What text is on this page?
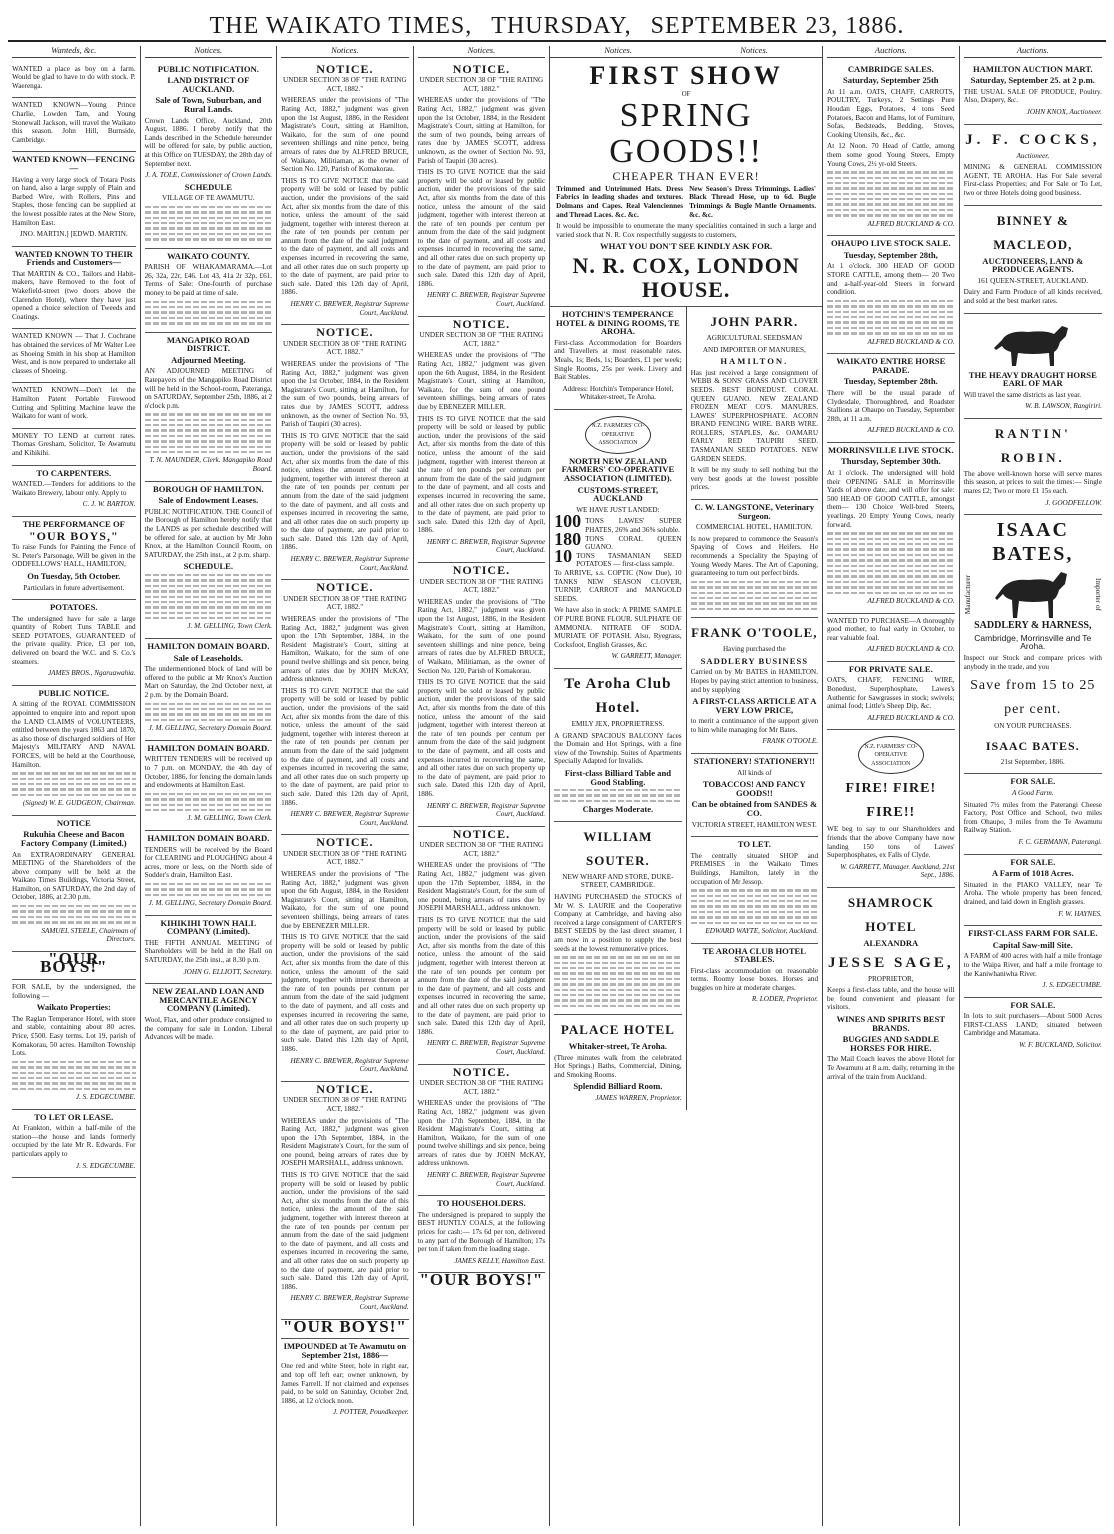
THE WAIKATO TIMES, THURSDAY, SEPTEMBER 23, 1886.
Wanteds, &c.

WANTED a place as boy on a farm. Would be glad to have to do with stock. P. Waerenga.

WANTED KNOWN—Young Prince Charlie, Lowden Tam, and Young Stonewall Jackson, will travel the Waikato this season. John Hill, Burnside, Cambridge.

WANTED KNOWN—FENCING—

Having a very large stock of Totara Posts on hand, also a large supply of Plain and Barbed Wire, with Rollers, Pins and Staples, those fencing can be supplied at the lowest possible rates at the New Store, Hamilton East.

JNO. MARTIN.] [EDWD. MARTIN.

WANTED KNOWN TO THEIR Friends and Customers—

That MARTIN & CO., Tailors and Habit-makers, have Removed to the foot of Wakefield-street (two doors above the Clarendon Hotel), where they have just opened a choice selection of Tweeds and Coatings.

WANTED KNOWN — That J. Cochrane has obtained the services of Mr Walter Lee as Shoeing Smith in his shop at Hamilton West, and is now prepared to undertake all classes of Shoeing.

WANTED KNOWN—Don't let the Hamilton Patent Portable Firewood Cutting and Splitting Machine leave the Waikato for want of work.

MONEY TO LEND at current rates. Thomas Gresham, Solicitor, Te Awamutu and Kihikihi.

TO CARPENTERS.

WANTED.—Tenders for additions to the Waikato Brewery, labour only. Apply to

C. J. W. BARTON.

THE PERFORMANCE OF

"OUR BOYS,"

To raise Funds for Painting the Fence of St. Peter's Parsonage, Will be given in the ODDFELLOWS' HALL, HAMILTON,

On Tuesday, 5th October.

Particulars in future advertisement.

POTATOES.

The undersigned have for sale a large quantity of Robert Tuns TABLE and SEED POTATOES, GUARANTEED of the private quality. Price, £3 per ton, delivered on board the W.C. and S. Co.'s steamers.

JAMES BROS., Ngaruawahia.

PUBLIC NOTICE.

A sitting of the ROYAL COMMISSION appointed to enquire into and report upon the LAND CLAIMS of VOLUNTEERS, entitled between the years 1863 and 1870, as also those of discharged soldiers of Her Majesty's MILITARY AND NAVAL FORCES, will be held at the Courthouse, Hamilton.

(Signed) W. E. GUDGEON, Chairman.

NOTICE

Rukuhia Cheese and Bacon Factory Company (Limited.)

An EXTRAORDINARY GENERAL MEETING of the Shareholders of the above company will be held at the Waikato Times Buildings, Victoria Street, Hamilton, on SATURDAY, the 2nd day of October, 1886, at 2.30 p.m.

SAMUEL STEELE, Chairman of Directors.

"OUR BOYS!"

FOR SALE, by the undersigned, the following —

Waikato Properties:

The Raglan Temperance Hotel, with store and stable, containing about 80 acres. Price, £500. Easy terms. Lot 19, parish of Komakorau, 50 acres. Hamilton Township Lots.

J. S. EDGECUMBE.

TO LET OR LEASE.

At Frankton, within a half-mile of the station—the house and lands formerly occupied by the late Mr R. Edwards. For particulars apply to

J. S. EDGECUMBE.

Notices.

PUBLIC NOTIFICATION.

LAND DISTRICT OF AUCKLAND.

Sale of Town, Suburban, and Rural Lands.

Crown Lands Office, Auckland, 20th August, 1886. I hereby notify that the Lands described in the Schedule hereunder will be offered for sale, by public auction, at this Office on TUESDAY, the 28th day of September next.

J. A. TOLE, Commissioner of Crown Lands.

SCHEDULE

VILLAGE OF TE AWAMUTU.

WAIKATO COUNTY.

PARISH OF WHAKAMARAMA.—Lot 26, 32a, 22r, £46. Lot 43, 41a 2r 32p, £61. Terms of Sale: One-fourth of purchase money to be paid at time of sale.

MANGAPIKO ROAD DISTRICT.

Adjourned Meeting.

AN ADJOURNED MEETING of Ratepayers of the Mangapiko Road District will be held in the School-room, Pateranga, on SATURDAY, September 25th, 1886, at 2 o'clock p.m.

T. N. MAUNDER, Clerk. Mangapiko Road Board.

BOROUGH OF HAMILTON.

Sale of Endowment Leases.

PUBLIC NOTIFICATION. THE Council of the Borough of Hamilton hereby notify that the LANDS as per schedule described will be offered for sale, at auction by Mr John Knox, at the Hamilton Council Room, on SATURDAY, the 25th inst., at 2 p.m. sharp.

SCHEDULE.

J. M. GELLING, Town Clerk.

HAMILTON DOMAIN BOARD.

Sale of Leaseholds.

The undermentioned block of land will be offered to the public at Mr Knox's Auction Mart on Saturday, the 2nd October next, at 2 p.m. by the Domain Board.

J. M. GELLING, Secretary Domain Board.

HAMILTON DOMAIN BOARD.

WRITTEN TENDERS will be received up to 7 p.m. on MONDAY, the 4th day of October, 1886, for fencing the domain lands and endowments at Hamilton East.

J. M. GELLING, Town Clerk.

HAMILTON DOMAIN BOARD.

TENDERS will be received by the Board for CLEARING and PLOUGHING about 4 acres, more or less, on the North side of Sodder's drain, Hamilton East.

J. M. GELLING, Secretary Domain Board.

KIHIKIHI TOWN HALL COMPANY (Limited).

THE FIFTH ANNUAL MEETING of Shareholders will be held in the Hall on SATURDAY, the 25th inst., at 8.30 p.m.

JOHN G. ELLIOTT, Secretary.

NEW ZEALAND LOAN AND MERCANTILE AGENCY COMPANY (Limited).

Wool, Flax, and other produce consigned to the company for sale in London. Liberal Advances will be made.

Notices.

NOTICE.

UNDER SECTION 38 OF "THE RATING ACT, 1882."

WHEREAS under the provisions of "The Rating Act, 1882," judgment was given upon the 1st August, 1886, in the Resident Magistrate's Court, sitting at Hamilton, Waikato, for the sum of one pound seventeen shillings and nine pence, being arrears of rates due by ALFRED BRUCE, of Waikato, Militiaman, as the owner of Section No. 120, Parish of Komakorau.

THIS IS TO GIVE NOTICE that the said property will be sold or leased by public auction, under the provisions of the said Act, after six months from the date of this notice, unless the amount of the said judgment, together with interest thereon at the rate of ten pounds per centum per annum from the date of the said judgment to the date of payment, and all costs and expenses incurred in recovering the same, and all other rates due on such property up to the date of payment, are paid prior to such sale. Dated this 12th day of April, 1886.

HENRY C. BREWER, Registrar Supreme Court, Auckland.

NOTICE.

UNDER SECTION 38 OF "THE RATING ACT, 1882."

WHEREAS under the provisions of "The Rating Act, 1882," judgment was given upon the 1st October, 1884, in the Resident Magistrate's Court, sitting at Hamilton, for the sum of two pounds, being arrears of rates due by JAMES SCOTT, address unknown, as the owner of Section No. 93, Parish of Taupiri (30 acres).

THIS IS TO GIVE NOTICE that the said property will be sold or leased by public auction, under the provisions of the said Act, after six months from the date of this notice, unless the amount of the said judgment, together with interest thereon at the rate of ten pounds per centum per annum from the date of the said judgment to the date of payment, and all costs and expenses incurred in recovering the same, and all other rates due on such property up to the date of payment, are paid prior to such sale. Dated this 12th day of April, 1886.

HENRY C. BREWER, Registrar Supreme Court, Auckland.

NOTICE.

UNDER SECTION 38 OF "THE RATING ACT, 1882."

WHEREAS under the provisions of "The Rating Act, 1882," judgment was given upon the 17th September, 1884, in the Resident Magistrate's Court, sitting at Hamilton, Waikato, for the sum of one pound twelve shillings and six pence, being arrears of rates due by JOHN McKAY, address unknown.

THIS IS TO GIVE NOTICE that the said property will be sold or leased by public auction, under the provisions of the said Act, after six months from the date of this notice, unless the amount of the said judgment, together with interest thereon at the rate of ten pounds per centum per annum from the date of the said judgment to the date of payment, and all costs and expenses incurred in recovering the same, and all other rates due on such property up to the date of payment, are paid prior to such sale. Dated this 12th day of April, 1886.

HENRY C. BREWER, Registrar Supreme Court, Auckland.

NOTICE.

UNDER SECTION 38 OF "THE RATING ACT, 1882."

WHEREAS under the provisions of "The Rating Act, 1882," judgment was given upon the 6th August, 1884, in the Resident Magistrate's Court, sitting at Hamilton, Waikato, for the sum of one pound seventeen shillings, being arrears of rates due by EBENEZER MILLER.

THIS IS TO GIVE NOTICE that the said property will be sold or leased by public auction, under the provisions of the said Act, after six months from the date of this notice, unless the amount of the said judgment, together with interest thereon at the rate of ten pounds per centum per annum from the date of the said judgment to the date of payment, and all costs and expenses incurred in recovering the same, and all other rates due on such property up to the date of payment, are paid prior to such sale. Dated this 12th day of April, 1886.

HENRY C. BREWER, Registrar Supreme Court, Auckland.

NOTICE.

UNDER SECTION 38 OF "THE RATING ACT, 1882."

WHEREAS under the provisions of "The Rating Act, 1882," judgment was given upon the 17th September, 1884, in the Resident Magistrate's Court, for the sum of one pound, being arrears of rates due by JOSEPH MARSHALL, address unknown.

THIS IS TO GIVE NOTICE that the said property will be sold or leased by public auction, under the provisions of the said Act, after six months from the date of this notice, unless the amount of the said judgment, together with interest thereon at the rate of ten pounds per centum per annum from the date of the said judgment to the date of payment, and all costs and expenses incurred in recovering the same, and all other rates due on such property up to the date of payment, are paid prior to such sale. Dated this 12th day of April, 1886.

HENRY C. BREWER, Registrar Supreme Court, Auckland.

"OUR BOYS!"

IMPOUNDED at Te Awamutu on September 21st, 1886—

One red and white Steer, hole in right ear, and top off left ear; owner unknown, by James Farrell. If not claimed and expenses paid, to be sold on Saturday, October 2nd, 1886, at 12 o'clock noon.

J. POTTER, Poundkeeper.

Notices.

NOTICE.

UNDER SECTION 38 OF "THE RATING ACT, 1882."

WHEREAS under the provisions of "The Rating Act, 1882," judgment was given upon the 1st October, 1884, in the Resident Magistrate's Court, sitting at Hamilton, for the sum of two pounds, being arrears of rates due by JAMES SCOTT, address unknown, as the owner of Section No. 93, Parish of Taupiri (30 acres).

THIS IS TO GIVE NOTICE that the said property will be sold or leased by public auction, under the provisions of the said Act, after six months from the date of this notice, unless the amount of the said judgment, together with interest thereon at the rate of ten pounds per centum per annum from the date of the said judgment to the date of payment, and all costs and expenses incurred in recovering the same, and all other rates due on such property up to the date of payment, are paid prior to such sale. Dated this 12th day of April, 1886.

HENRY C. BREWER, Registrar Supreme Court, Auckland.

NOTICE.

UNDER SECTION 38 OF "THE RATING ACT, 1882."

WHEREAS under the provisions of "The Rating Act, 1882," judgment was given upon the 6th August, 1884, in the Resident Magistrate's Court, sitting at Hamilton, Waikato, for the sum of one pound seventeen shillings, being arrears of rates due by EBENEZER MILLER.

THIS IS TO GIVE NOTICE that the said property will be sold or leased by public auction, under the provisions of the said Act, after six months from the date of this notice, unless the amount of the said judgment, together with interest thereon at the rate of ten pounds per centum per annum from the date of the said judgment to the date of payment, and all costs and expenses incurred in recovering the same, and all other rates due on such property up to the date of payment, are paid prior to such sale. Dated this 12th day of April, 1886.

HENRY C. BREWER, Registrar Supreme Court, Auckland.

NOTICE.

UNDER SECTION 38 OF "THE RATING ACT, 1882."

WHEREAS under the provisions of "The Rating Act, 1882," judgment was given upon the 1st August, 1886, in the Resident Magistrate's Court, sitting at Hamilton, Waikato, for the sum of one pound seventeen shillings and nine pence, being arrears of rates due by ALFRED BRUCE, of Waikato, Militiaman, as the owner of Section No. 120, Parish of Komakorau.

THIS IS TO GIVE NOTICE that the said property will be sold or leased by public auction, under the provisions of the said Act, after six months from the date of this notice, unless the amount of the said judgment, together with interest thereon at the rate of ten pounds per centum per annum from the date of the said judgment to the date of payment, and all costs and expenses incurred in recovering the same, and all other rates due on such property up to the date of payment, are paid prior to such sale. Dated this 12th day of April, 1886.

HENRY C. BREWER, Registrar Supreme Court, Auckland.

NOTICE.

UNDER SECTION 38 OF "THE RATING ACT, 1882."

WHEREAS under the provisions of "The Rating Act, 1882," judgment was given upon the 17th September, 1884, in the Resident Magistrate's Court, for the sum of one pound, being arrears of rates due by JOSEPH MARSHALL, address unknown.

THIS IS TO GIVE NOTICE that the said property will be sold or leased by public auction, under the provisions of the said Act, after six months from the date of this notice, unless the amount of the said judgment, together with interest thereon at the rate of ten pounds per centum per annum from the date of the said judgment to the date of payment, and all costs and expenses incurred in recovering the same, and all other rates due on such property up to the date of payment, are paid prior to such sale. Dated this 12th day of April, 1886.

HENRY C. BREWER, Registrar Supreme Court, Auckland.

NOTICE.

UNDER SECTION 38 OF "THE RATING ACT, 1882."

WHEREAS under the provisions of "The Rating Act, 1882," judgment was given upon the 17th September, 1884, in the Resident Magistrate's Court, sitting at Hamilton, Waikato, for the sum of one pound twelve shillings and six pence, being arrears of rates due by JOHN McKAY, address unknown.

HENRY C. BREWER, Registrar Supreme Court, Auckland.

TO HOUSEHOLDERS.

The undersigned is prepared to supply the BEST HUNTLY COALS, at the following prices for cash:— 17s 6d per ton, delivered to any part of the Borough of Hamilton; 17s per ton if taken from the loading stage.

JAMES KELLY, Hamilton East.

"OUR BOYS!"

Notices.	Notices.
FIRST SHOW
OF
SPRING GOODS!!
CHEAPER THAN EVER!
Trimmed and Untrimmed Hats. Dress Fabrics in leading shades and textures. Dolmans and Capes. Real Valenciennes and Thread Laces. &c. &c.
New Season's Dress Trimmings. Ladies' Black Thread Hose, up to 6d. Bugle Trimmings & Bugle Mantle Ornaments. &c. &c.

It would be impossible to enumerate the many specialities contained in such a large and varied stock that N. R. Cox respectfully suggests to customers,

WHAT YOU DON'T SEE KINDLY ASK FOR.

N. R. COX, LONDON HOUSE.

HOTCHIN'S TEMPERANCE HOTEL & DINING ROOMS, TE AROHA.

First-class Accommodation for Boarders and Travellers at most reasonable rates. Meals, 1s; Beds, 1s; Boarders, £1 per week; Single Rooms, 25s per week. Livery and Bait Stables.

Address: Hotchin's Temperance Hotel, Whitaker-street, Te Aroha.

N.Z. FARMERS' CO-OPERATIVE ASSOCIATION

NORTH NEW ZEALAND FARMERS' CO-OPERATIVE ASSOCIATION (LIMITED).

CUSTOMS-STREET, AUCKLAND

WE HAVE JUST LANDED:

100 TONS LAWES' SUPER PHATES, 26% and 36% soluble.
180 TONS CORAL QUEEN GUANO.
10 TONS TASMANIAN SEED POTATOES — first-class sample.

To ARRIVE, s.s. COPTIC (Now Due), 10 TANKS NEW SEASON CLOVER, TURNIP, CARROT and MANGOLD SEEDS.

We have also in stock: A PRIME SAMPLE OF PURE BONE FLOUR. SULPHATE OF AMMONIA. NITRATE OF SODA. MURIATE OF POTASH. Also, Ryegrass, Cocksfoot, English Grasses, &c.

W. GARRETT, Manager.

Te Aroha Club Hotel.

EMILY JEX, PROPRIETRESS.

A GRAND SPACIOUS BALCONY faces the Domain and Hot Springs, with a fine view of the Township. Suites of Apartments Specially Adapted for Invalids.

First-class Billiard Table and Good Stabling.

Charges Moderate.

WILLIAM SOUTER.

NEW WHARF AND STORE, DUKE-STREET, CAMBRIDGE.

HAVING PURCHASED the STOCKS of Mr W. S. LAURIE and the Cooperative Company at Cambridge, and having also received a large consignment of CARTER'S BEST SEEDS by the last direct steamer, I am now in a position to supply the best seeds at the lowest remunerative prices.

PALACE HOTEL

Whitaker-street, Te Aroha.

(Three minutes walk from the celebrated Hot Springs.) Baths, Commercial, Dining, and Smoking Rooms.

Splendid Billiard Room.

JAMES WARREN, Proprietor.

JOHN PARR.

AGRICULTURAL SEEDSMAN

AND IMPORTER OF MANURES,

HAMILTON.

Has just received a large consignment of WEBB & SONS' GRASS AND CLOVER SEEDS. BEST BONEDUST. CORAL QUEEN GUANO. NEW ZEALAND FROZEN MEAT CO'S. MANURES. LAWES' SUPERPHOSPHATE. ACORN BRAND FENCING WIRE. BARB WIRE. ROLLERS, STAPLES, &c. OAMARU EARLY RED TAUPIRI SEED. TASMANIAN SEED POTATOES. NEW GARDEN SEEDS.

It will be my study to sell nothing but the very best goods at the lowest possible prices.

C. W. LANGSTONE, Veterinary Surgeon.

COMMERCIAL HOTEL, HAMILTON.

Is now prepared to commence the Season's Spaying of Cows and Heifers. He recommends a Speciality the Spaying of Young Weedy Mares. The Art of Caponing, guaranteeing to turn out perfect birds.

FRANK O'TOOLE,

Having purchased the

SADDLERY BUSINESS

Carried on by Mr BATES in HAMILTON. Hopes by paying strict attention to business, and by supplying

A FIRST-CLASS ARTICLE AT A VERY LOW PRICE,

to merit a continuance of the support given to him while managing for Mr Bates.

FRANK O'TOOLE.

STATIONERY! STATIONERY!!

All kinds of

TOBACCOS! AND FANCY GOODS!!

Can be obtained from SANDES & CO.

VICTORIA STREET, HAMILTON WEST.

TO LET.

The centrally situated SHOP and PREMISES in the Waikato Times Buildings, Hamilton, lately in the occupation of Mr Jessop.

EDWARD WAYTE, Solicitor, Auckland.

TE AROHA CLUB HOTEL STABLES.

First-class accommodation on reasonable terms. Roomy loose boxes. Horses and buggies on hire at moderate charges.

R. LODER, Proprietor.

Auctions.

CAMBRIDGE SALES.

Saturday, September 25th

At 11 a.m. OATS, CHAFF, CARROTS, POULTRY, Turkeys, 2 Settings Pure Houdan Eggs, Potatoes, 4 tons Seed Potatoes, Bacon and Hams, lot of Furniture, Sofas, Bedsteads, Bedding, Stoves, Cooking Utensils, &c., &c.

At 12 Noon. 70 Head of Cattle, among them some good Young Steers, Empty Young Cows, 2½ yr-old Steers.

ALFRED BUCKLAND & CO.

OHAUPO LIVE STOCK SALE.

Tuesday, September 28th,

At 1 o'clock. 300 HEAD OF GOOD STORE CATTLE, among them— 20 Two and a-half-year-old Steers in forward condition.

ALFRED BUCKLAND & CO.

WAIKATO ENTIRE HORSE PARADE.

Tuesday, September 28th.

There will be the usual parade of Clydesdale, Thoroughbred, and Roadster Stallions at Ohaupo on Tuesday, September 28th, at 11 a.m.

ALFRED BUCKLAND & CO.

MORRINSVILLE LIVE STOCK.

Thursday, September 30th.

At 1 o'clock. The undersigned will hold their OPENING SALE in Morrinsville Yards of above date, and will offer for sale: 500 HEAD OF GOOD CATTLE, amongst them— 130 Choice Well-bred Steers, yearlings. 20 Empty Young Cows, nearly forward.

ALFRED BUCKLAND & CO.

WANTED TO PURCHASE—A thoroughly good mother, to foal early in October, to rear valuable foal.

ALFRED BUCKLAND & CO.

FOR PRIVATE SALE.

OATS, CHAFF, FENCING WIRE, Bonedust, Superphosphate, Lawes's Authentic for Sawgrasses in stock; swivels; animal food; Little's Sheep Dip, &c.

ALFRED BUCKLAND & CO.

N.Z. FARMERS' CO-OPERATIVE ASSOCIATION
FIRE! FIRE! FIRE!!

WE beg to say to our Shareholders and friends that the above Company have now landing 150 tons of Lawes' Superphosphates, ex Falls of Clyde.

W. GARRETT, Manager. Auckland, 21st Sept., 1886.

SHAMROCK HOTEL

ALEXANDRA

JESSE SAGE,

PROPRIETOR,

Keeps a first-class table, and the house will be found convenient and pleasant for visitors.

WINES AND SPIRITS BEST BRANDS.

BUGGIES AND SADDLE HORSES FOR HIRE.

The Mail Coach leaves the above Hotel for Te Awamutu at 8 a.m. daily, returning in the arrival of the train from Auckland.

Auctions.

HAMILTON AUCTION MART.

Saturday, September 25. at 2 p.m.

THE USUAL SALE OF PRODUCE, Poultry. Also, Drapery, &c.

JOHN KNOX, Auctioneer.

J. F. COCKS,

Auctioneer,

MINING & GENERAL COMMISSION AGENT, TE AROHA. Has For Sale several First-class Properties; and For Sale or To Let, two or three Hotels doing good business.

BINNEY & MACLEOD,

AUCTIONEERS, LAND & PRODUCE AGENTS.

161 QUEEN-STREET, AUCKLAND.

Dairy and Farm Produce of all kinds received, and sold at the best market rates.

THE HEAVY DRAUGHT HORSE EARL OF MAR

Will travel the same districts as last year.

W. B. LAWSON, Rangiriri.

RANTIN' ROBIN.

The above well-known horse will serve mares this season, at prices to suit the times:— Single mares £2; Two or more £1 15s each.

J. GOODFELLOW.

ISAAC BATES,
Manufacturer	Importer of

SADDLERY & HARNESS,

Cambridge, Morrinsville and Te Aroha.

Inspect our Stock and compare prices with anybody in the trade, and you

Save from 15 to 25 per cent.

ON YOUR PURCHASES.

ISAAC BATES.

21st September, 1886.

FOR SALE.

A Good Farm.

Situated 7½ miles from the Paterangi Cheese Factory, Post Office and School, two miles from Ohaupo, 3 miles from the Te Awamutu Railway Station.

F. C. GERMANN, Paterangi.

FOR SALE.

A Farm of 1018 Acres.

Situated in the PIAKO VALLEY, near Te Aroha. The whole property has been fenced, drained, and laid down in English grasses.

F. W. HAYNES.

FIRST-CLASS FARM FOR SALE.

Capital Saw-mill Site.

A FARM of 400 acres with half a mile frontage to the Waipa River, and half a mile frontage to the Kaniwhaniwha River.

J. S. EDGECUMBE.

FOR SALE.

In lots to suit purchasers—About 5000 Acres FIRST-CLASS LAND; situated between Cambridge and Matamata.

W. F. BUCKLAND, Solicitor.
